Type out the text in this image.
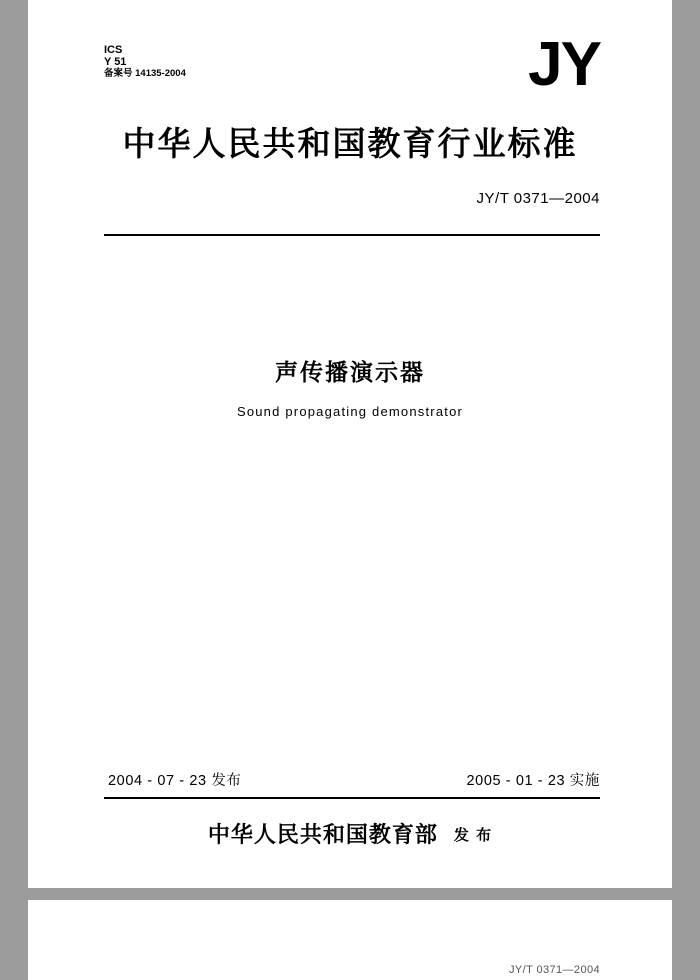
ICS
Y 51
备案号 14135-2004	JY
中华人民共和国教育行业标准
JY/T 0371—2004
声传播演示器
Sound propagating demonstrator
2004 - 07 - 23 发布	2005 - 01 - 23 实施
中华人民共和国教育部 发 布
JY/T 0371—2004
